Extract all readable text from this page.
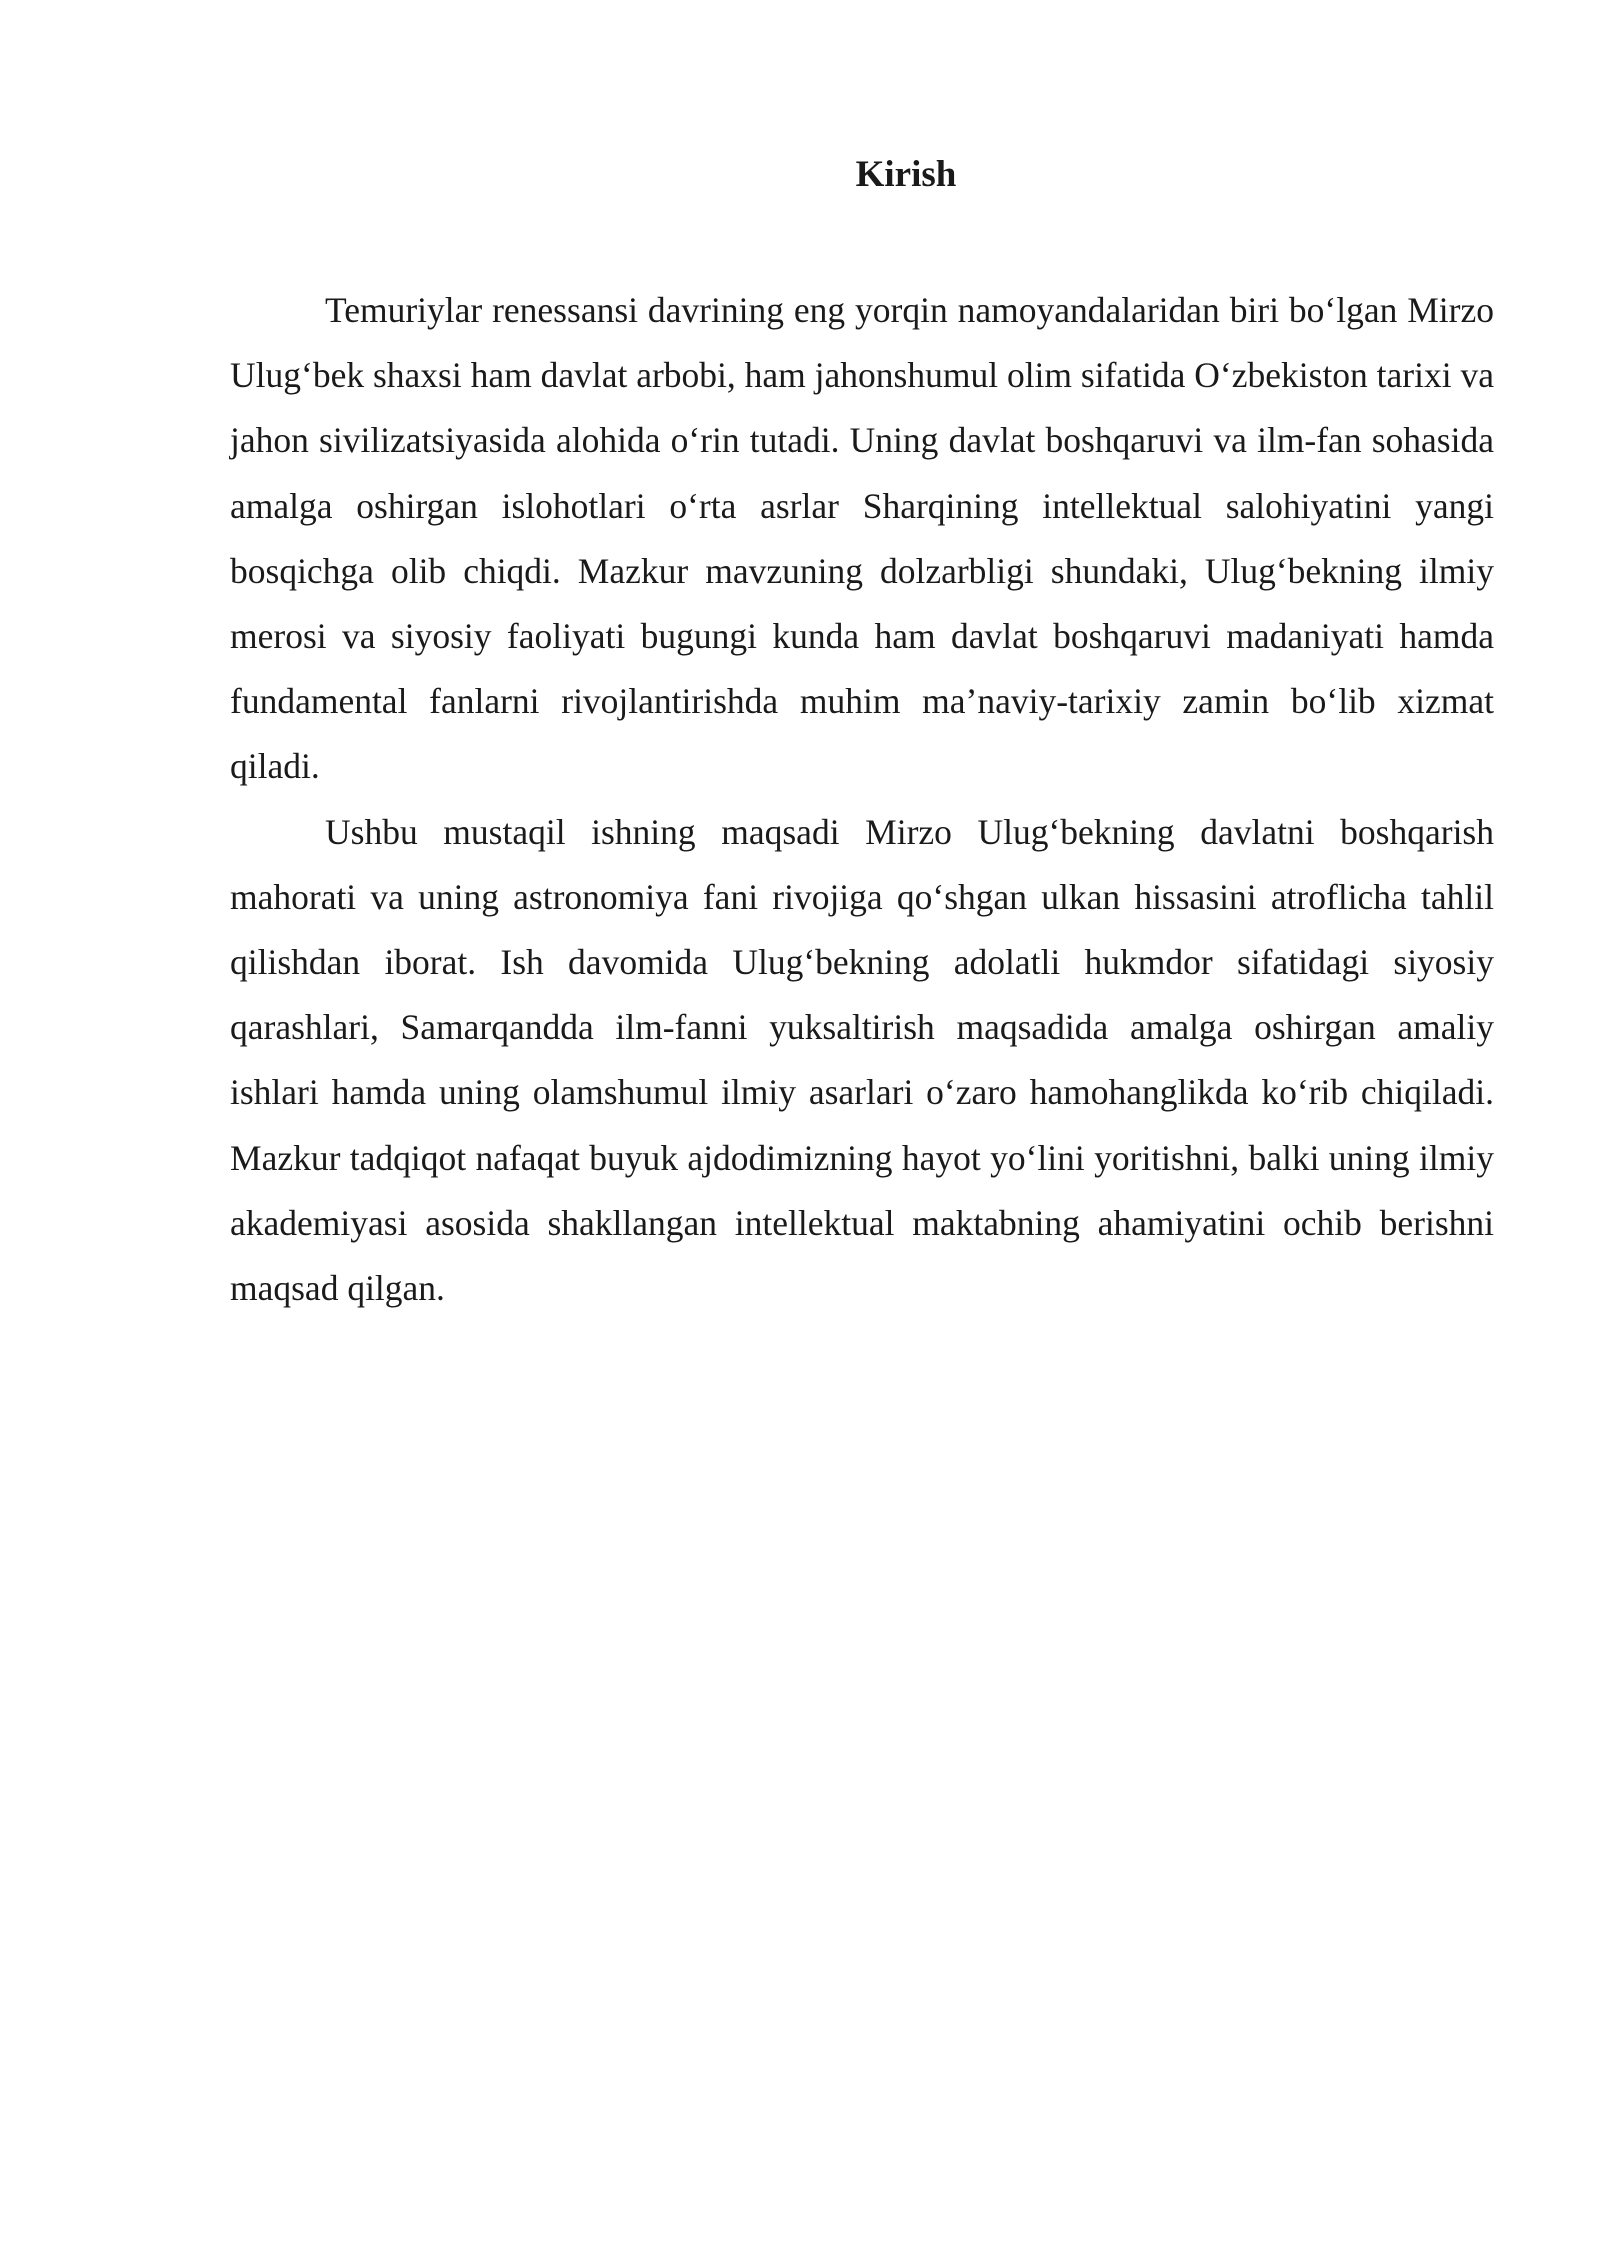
Kirish

Temuriylar renessansi davrining eng yorqin namoyandalaridan biri bo‘lgan Mirzo Ulug‘bek shaxsi ham davlat arbobi, ham jahonshumul olim sifatida O‘zbekiston tarixi va jahon sivilizatsiyasida alohida o‘rin tutadi. Uning davlat boshqaruvi va ilm-fan sohasida amalga oshirgan islohotlari o‘rta asrlar Sharqining intellektual salohiyatini yangi bosqichga olib chiqdi. Mazkur mavzuning dolzarbligi shundaki, Ulug‘bekning ilmiy merosi va siyosiy faoliyati bugungi kunda ham davlat boshqaruvi madaniyati hamda fundamental fanlarni rivojlantirishda muhim ma’naviy-tarixiy zamin bo‘lib xizmat qiladi.

Ushbu mustaqil ishning maqsadi Mirzo Ulug‘bekning davlatni boshqarish mahorati va uning astronomiya fani rivojiga qo‘shgan ulkan hissasini atroflicha tahlil qilishdan iborat. Ish davomida Ulug‘bekning adolatli hukmdor sifatidagi siyosiy qarashlari, Samarqandda ilm-fanni yuksaltirish maqsadida amalga oshirgan amaliy ishlari hamda uning olamshumul ilmiy asarlari o‘zaro hamohanglikda ko‘rib chiqiladi. Mazkur tadqiqot nafaqat buyuk ajdodimizning hayot yo‘lini yoritishni, balki uning ilmiy akademiyasi asosida shakllangan intellektual maktabning ahamiyatini ochib berishni maqsad qilgan.
